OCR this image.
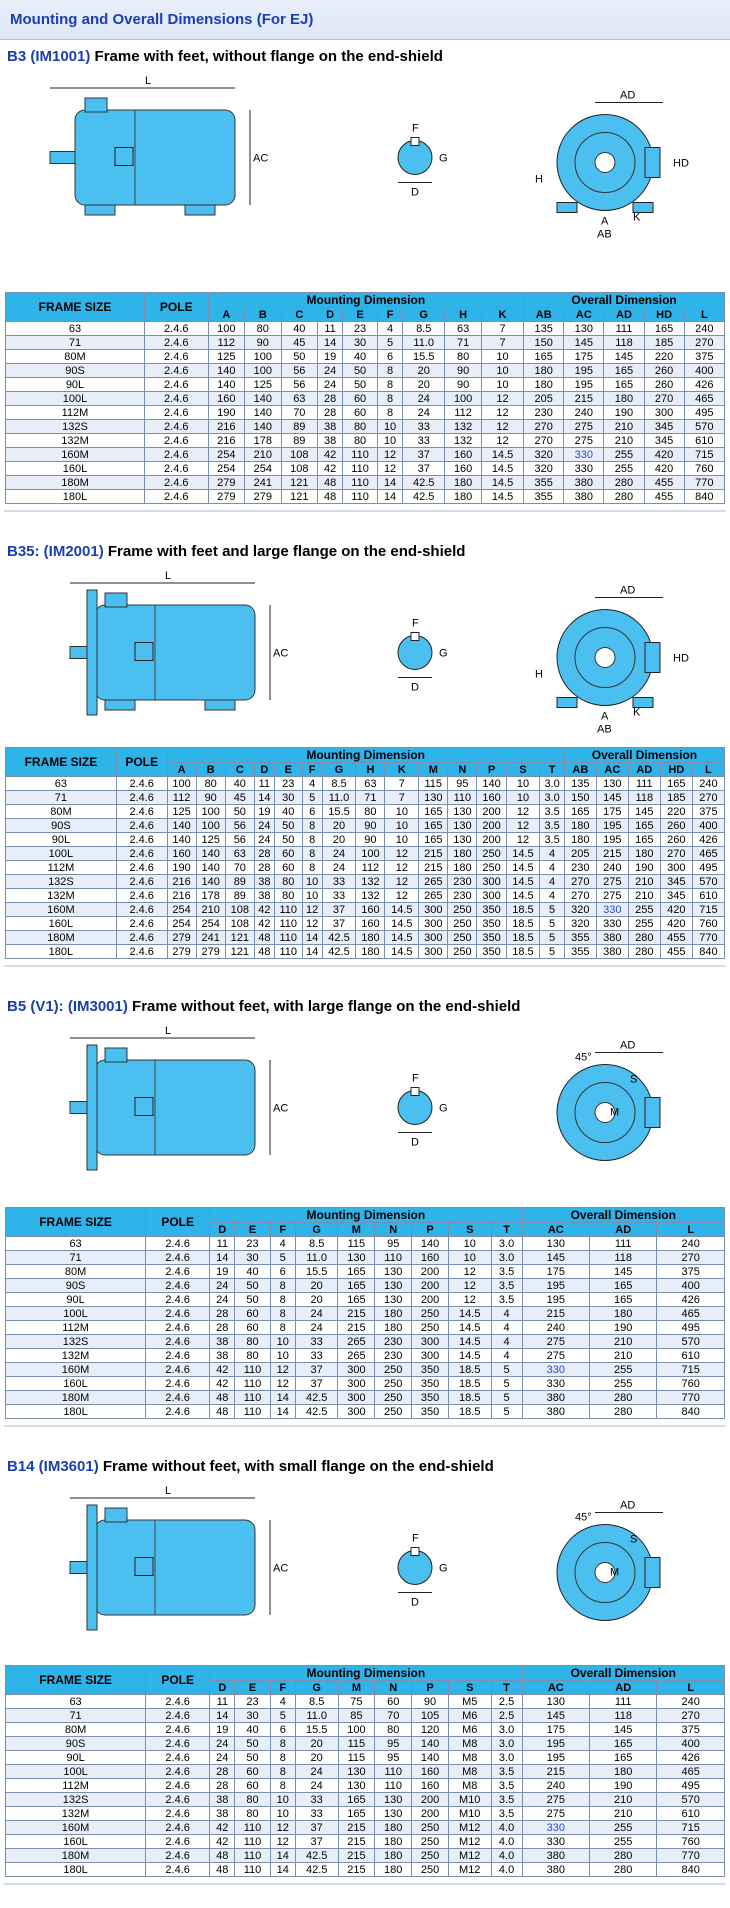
Mounting and Overall Dimensions (For EJ)
B3 (IM1001) Frame with feet, without flange on the end-shield
L
AC
F
G
D
AD
HD
H
AB
A K
FRAME SIZE	POLE	Mounting Dimension									Overall Dimension				
		A	B	C	D	E	F	G	H	K	AB	AC	AD	HD	L
63	2.4.6	100	80	40	11	23	4	8.5	63	7	135	130	111	165	240
71	2.4.6	112	90	45	14	30	5	11.0	71	7	150	145	118	185	270
80M	2.4.6	125	100	50	19	40	6	15.5	80	10	165	175	145	220	375
90S	2.4.6	140	100	56	24	50	8	20	90	10	180	195	165	260	400
90L	2.4.6	140	125	56	24	50	8	20	90	10	180	195	165	260	426
100L	2.4.6	160	140	63	28	60	8	24	100	12	205	215	180	270	465
112M	2.4.6	190	140	70	28	60	8	24	112	12	230	240	190	300	495
132S	2.4.6	216	140	89	38	80	10	33	132	12	270	275	210	345	570
132M	2.4.6	216	178	89	38	80	10	33	132	12	270	275	210	345	610
160M	2.4.6	254	210	108	42	110	12	37	160	14.5	320	330	255	420	715
160L	2.4.6	254	254	108	42	110	12	37	160	14.5	320	330	255	420	760
180M	2.4.6	279	241	121	48	110	14	42.5	180	14.5	355	380	280	455	770
180L	2.4.6	279	279	121	48	110	14	42.5	180	14.5	355	380	280	455	840
B35: (IM2001) Frame with feet and large flange on the end-shield
L
AC
F
G
D
AD
HD
H
AB
A K
FRAME SIZE	POLE	Mounting Dimension														Overall Dimension				
		A	B	C	D	E	F	G	H	K	M	N	P	S	T	AB	AC	AD	HD	L
63	2.4.6	100	80	40	11	23	4	8.5	63	7	115	95	140	10	3.0	135	130	111	165	240
71	2.4.6	112	90	45	14	30	5	11.0	71	7	130	110	160	10	3.0	150	145	118	185	270
80M	2.4.6	125	100	50	19	40	6	15.5	80	10	165	130	200	12	3.5	165	175	145	220	375
90S	2.4.6	140	100	56	24	50	8	20	90	10	165	130	200	12	3.5	180	195	165	260	400
90L	2.4.6	140	125	56	24	50	8	20	90	10	165	130	200	12	3.5	180	195	165	260	426
100L	2.4.6	160	140	63	28	60	8	24	100	12	215	180	250	14.5	4	205	215	180	270	465
112M	2.4.6	190	140	70	28	60	8	24	112	12	215	180	250	14.5	4	230	240	190	300	495
132S	2.4.6	216	140	89	38	80	10	33	132	12	265	230	300	14.5	4	270	275	210	345	570
132M	2.4.6	216	178	89	38	80	10	33	132	12	265	230	300	14.5	4	270	275	210	345	610
160M	2.4.6	254	210	108	42	110	12	37	160	14.5	300	250	350	18.5	5	320	330	255	420	715
160L	2.4.6	254	254	108	42	110	12	37	160	14.5	300	250	350	18.5	5	320	330	255	420	760
180M	2.4.6	279	241	121	48	110	14	42.5	180	14.5	300	250	350	18.5	5	355	380	280	455	770
180L	2.4.6	279	279	121	48	110	14	42.5	180	14.5	300	250	350	18.5	5	355	380	280	455	840
B5 (V1): (IM3001) Frame without feet, with large flange on the end-shield
L
AC
F
G
D
AD
45°
M
S
FRAME SIZE	POLE	Mounting Dimension									Overall Dimension		
		D	E	F	G	M	N	P	S	T	AC	AD	L
63	2.4.6	11	23	4	8.5	115	95	140	10	3.0	130	111	240
71	2.4.6	14	30	5	11.0	130	110	160	10	3.0	145	118	270
80M	2.4.6	19	40	6	15.5	165	130	200	12	3.5	175	145	375
90S	2.4.6	24	50	8	20	165	130	200	12	3.5	195	165	400
90L	2.4.6	24	50	8	20	165	130	200	12	3.5	195	165	426
100L	2.4.6	28	60	8	24	215	180	250	14.5	4	215	180	465
112M	2.4.6	28	60	8	24	215	180	250	14.5	4	240	190	495
132S	2.4.6	38	80	10	33	265	230	300	14.5	4	275	210	570
132M	2.4.6	38	80	10	33	265	230	300	14.5	4	275	210	610
160M	2.4.6	42	110	12	37	300	250	350	18.5	5	330	255	715
160L	2.4.6	42	110	12	37	300	250	350	18.5	5	330	255	760
180M	2.4.6	48	110	14	42.5	300	250	350	18.5	5	380	280	770
180L	2.4.6	48	110	14	42.5	300	250	350	18.5	5	380	280	840
B14 (IM3601) Frame without feet, with small flange on the end-shield
L
AC
F
G
D
AD
45°
M
S
FRAME SIZE	POLE	Mounting Dimension									Overall Dimension		
		D	E	F	G	M	N	P	S	T	AC	AD	L
63	2.4.6	11	23	4	8.5	75	60	90	M5	2.5	130	111	240
71	2.4.6	14	30	5	11.0	85	70	105	M6	2.5	145	118	270
80M	2.4.6	19	40	6	15.5	100	80	120	M6	3.0	175	145	375
90S	2.4.6	24	50	8	20	115	95	140	M8	3.0	195	165	400
90L	2.4.6	24	50	8	20	115	95	140	M8	3.0	195	165	426
100L	2.4.6	28	60	8	24	130	110	160	M8	3.5	215	180	465
112M	2.4.6	28	60	8	24	130	110	160	M8	3.5	240	190	495
132S	2.4.6	38	80	10	33	165	130	200	M10	3.5	275	210	570
132M	2.4.6	38	80	10	33	165	130	200	M10	3.5	275	210	610
160M	2.4.6	42	110	12	37	215	180	250	M12	4.0	330	255	715
160L	2.4.6	42	110	12	37	215	180	250	M12	4.0	330	255	760
180M	2.4.6	48	110	14	42.5	215	180	250	M12	4.0	380	280	770
180L	2.4.6	48	110	14	42.5	215	180	250	M12	4.0	380	280	840
